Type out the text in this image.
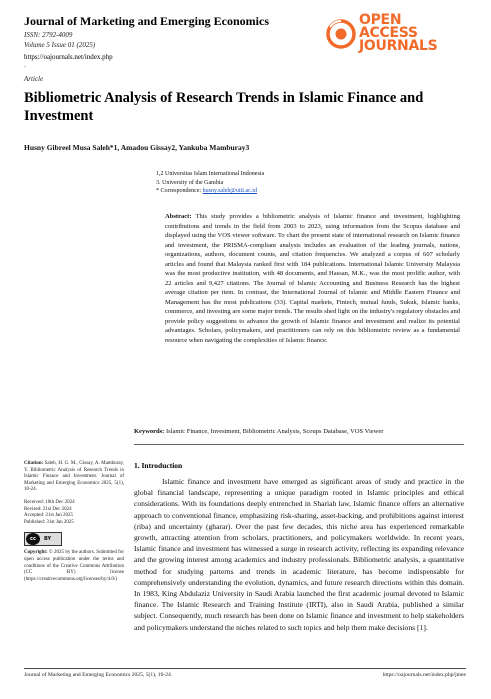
Journal of Marketing and Emerging Economics
ISSN: 2792-4009
Volume 5 Issue 01 (2025)
https://oajournals.net/index.php
.
OPEN
ACCESS JOURNALS
Article
Bibliometric Analysis of Research Trends in Islamic Finance and Investment
Husny Gibreel Musa Saleh*1, Amadou Gissay2, Yankuba Mamburay3
1,2 Universitas Islam International Indonesia
3. University of the Gambia
* Correspondence: husny.saleh@uiii.ac.id
Abstract: This study provides a bibliometric analysis of Islamic finance and investment, highlighting contributions and trends in the field from 2003 to 2023, using information from the Scopus database and displayed using the VOS viewer software. To chart the present state of international research on Islamic finance and investment, the PRISMA-compliant analysis includes an evaluation of the leading journals, nations, organizations, authors, document counts, and citation frequencies. We analyzed a corpus of 607 scholarly articles and found that Malaysia ranked first with 184 publications. International Islamic University Malaysia was the most productive institution, with 48 documents, and Hassan, M.K., was the most prolific author, with 22 articles and 9,427 citations. The Journal of Islamic Accounting and Business Research has the highest average citation per item. In contrast, the International Journal of Islamic and Middle Eastern Finance and Management has the most publications (33). Capital markets, Fintech, mutual funds, Sukuk, Islamic banks, commerce, and investing are some major trends. The results shed light on the industry's regulatory obstacles and provide policy suggestions to advance the growth of Islamic finance and investment and realize its potential advantages. Scholars, policymakers, and practitioners can rely on this bibliometric review as a fundamental resource when navigating the complexities of Islamic finance.
Keywords: Islamic Finance, Investment, Bibliometric Analysis, Scoups Database, VOS Viewer

Citation: Saleh, H. G. M., Gissay, A. Mamburay, Y. Bibliometric Analysis of Research Trends in Islamic Finance and Investment. Journal of Marketing and Emerging Economics 2025, 5(1), 10-24.

Received: 10th Dec 2024
Revised: 21st Dec 2024
Accepted: 21st Jan 2025
Published: 31st Jan 2025
cc	BY

Copyright: © 2025 by the authors. Submitted for open access publication under the terms and conditions of the Creative Commons Attribution (CC BY) license (https://creativecommons.org/licenses/by/4.0/)

1. Introduction
Islamic finance and investment have emerged as significant areas of study and practice in the global financial landscape, representing a unique paradigm rooted in Islamic principles and ethical considerations. With its foundations deeply entrenched in Shariah law, Islamic finance offers an alternative approach to conventional finance, emphasizing risk-sharing, asset-backing, and prohibitions against interest (riba) and uncertainty (gharar). Over the past few decades, this niche area has experienced remarkable growth, attracting attention from scholars, practitioners, and policymakers worldwide. In recent years, Islamic finance and investment has witnessed a surge in research activity, reflecting its expanding relevance and the growing interest among academics and industry professionals. Bibliometric analysis, a quantitative method for studying patterns and trends in academic literature, has become indispensable for comprehensively understanding the evolution, dynamics, and future research directions within this domain. In 1983, King Abdulaziz University in Saudi Arabia launched the first academic journal devoted to Islamic finance. The Islamic Research and Training Institute (IRTI), also in Saudi Arabia, published a similar subject. Consequently, much research has been done on Islamic finance and investment to help stakeholders and policymakers understand the niches related to such topics and help them make decisions [1].
Journal of Marketing and Emerging Economics 2025, 5(1), 10-24.	https://oajournals.net/index.php/jmee
